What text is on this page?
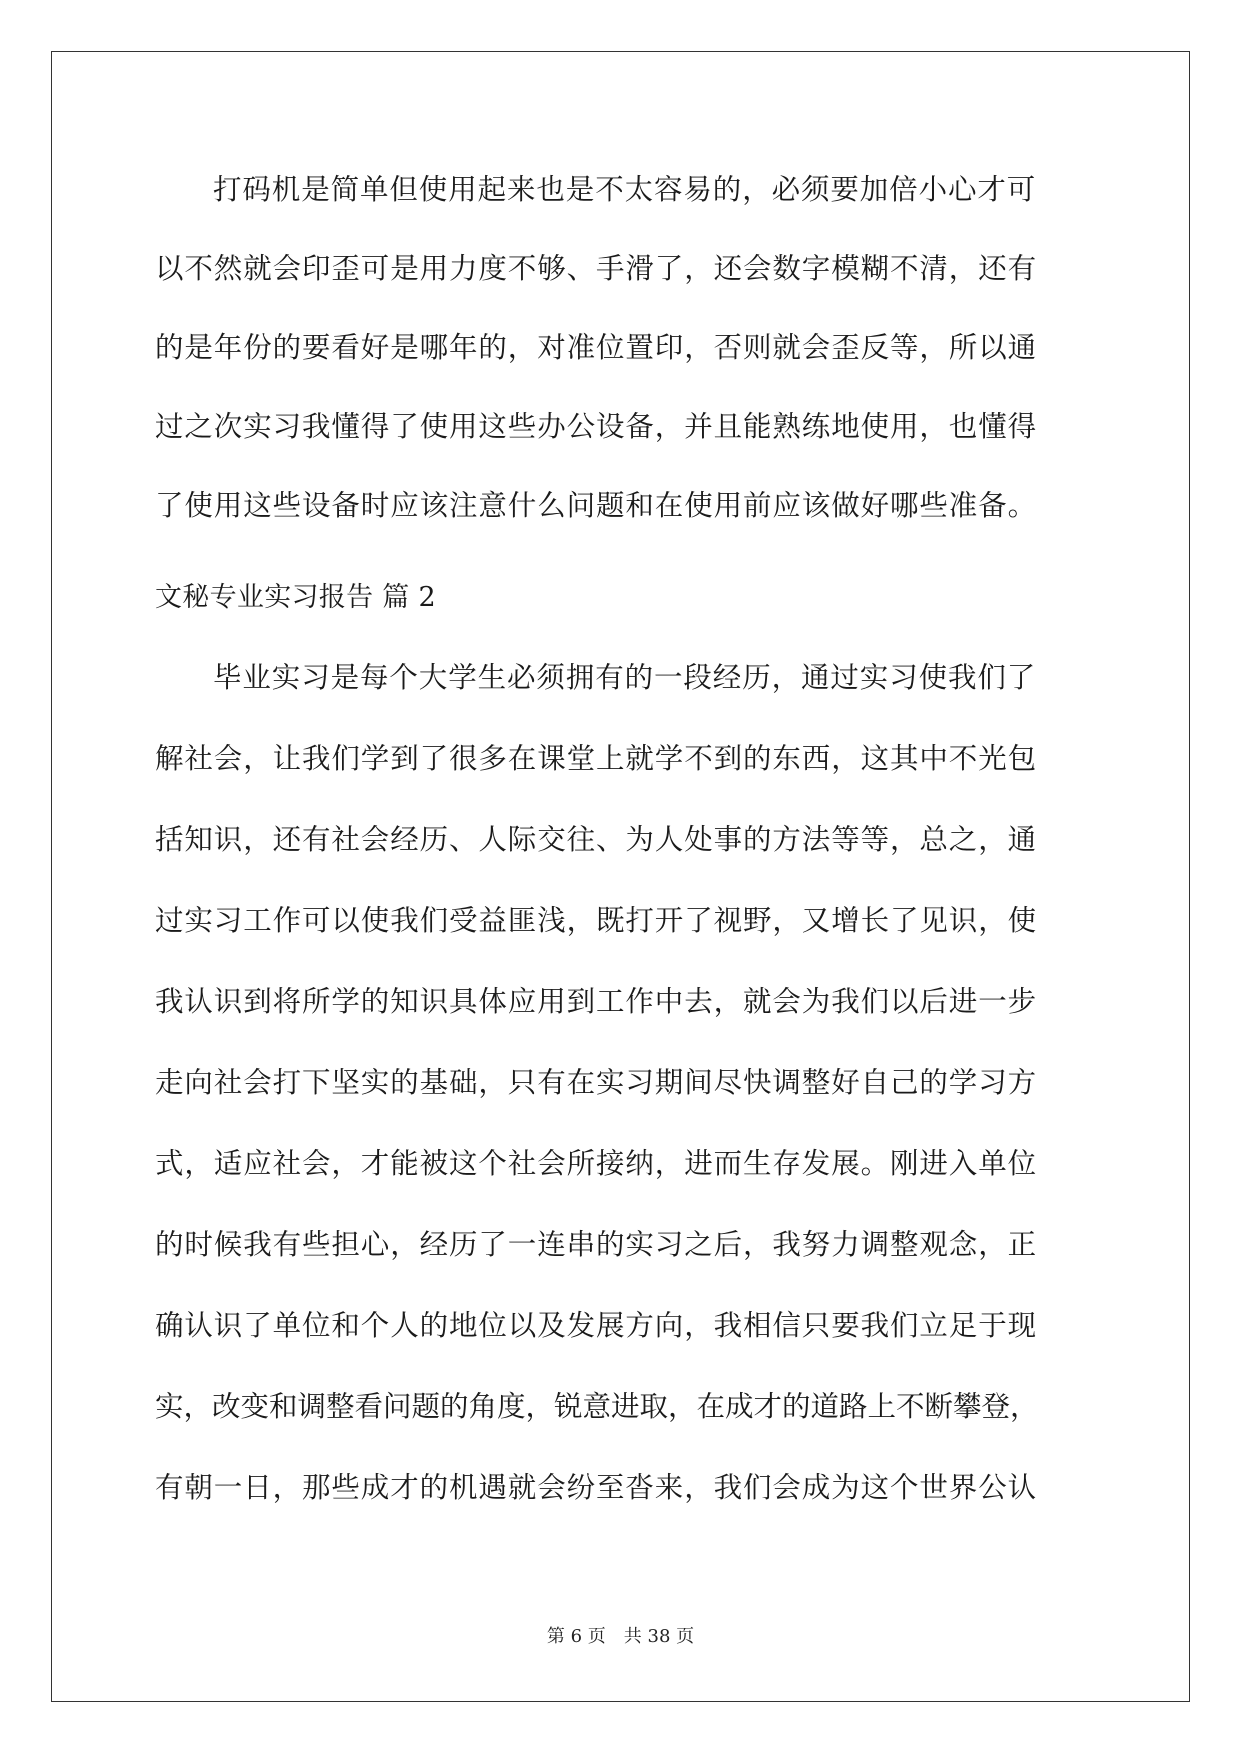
打码机是简单但使用起来也是不太容易的，必须要加倍小心才可
以不然就会印歪可是用力度不够、手滑了，还会数字模糊不清，还有
的是年份的要看好是哪年的，对准位置印，否则就会歪反等，所以通
过之次实习我懂得了使用这些办公设备，并且能熟练地使用，也懂得
了使用这些设备时应该注意什么问题和在使用前应该做好哪些准备。
文秘专业实习报告 篇 2
毕业实习是每个大学生必须拥有的一段经历，通过实习使我们了
解社会，让我们学到了很多在课堂上就学不到的东西，这其中不光包
括知识，还有社会经历、人际交往、为人处事的方法等等，总之，通
过实习工作可以使我们受益匪浅，既打开了视野，又增长了见识，使
我认识到将所学的知识具体应用到工作中去，就会为我们以后进一步
走向社会打下坚实的基础，只有在实习期间尽快调整好自己的学习方
式，适应社会，才能被这个社会所接纳，进而生存发展。刚进入单位
的时候我有些担心，经历了一连串的实习之后，我努力调整观念，正
确认识了单位和个人的地位以及发展方向，我相信只要我们立足于现
实，改变和调整看问题的角度，锐意进取，在成才的道路上不断攀登，
有朝一日，那些成才的机遇就会纷至沓来，我们会成为这个世界公认
第 6 页　共 38 页
